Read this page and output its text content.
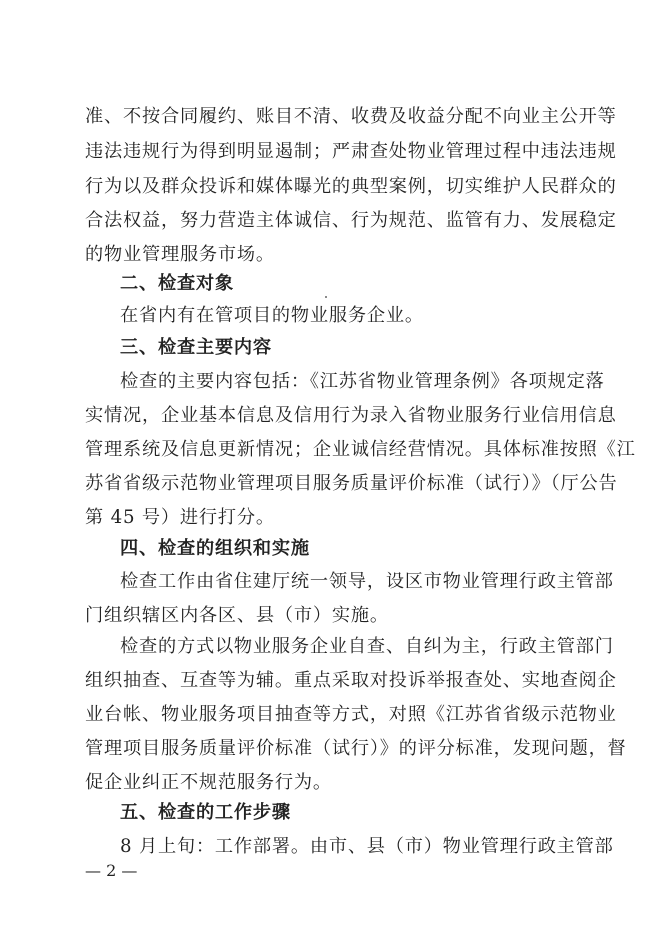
准、不按合同履约、账目不清、收费及收益分配不向业主公开等
违法违规行为得到明显遏制；严肃查处物业管理过程中违法违规
行为以及群众投诉和媒体曝光的典型案例，切实维护人民群众的
合法权益，努力营造主体诚信、行为规范、监管有力、发展稳定
的物业管理服务市场。
二、检查对象
在省内有在管项目的物业服务企业。
三、检查主要内容
检查的主要内容包括：《江苏省物业管理条例》各项规定落
实情况，企业基本信息及信用行为录入省物业服务行业信用信息
管理系统及信息更新情况；企业诚信经营情况。具体标准按照《江
苏省省级示范物业管理项目服务质量评价标准（试行）》（厅公告
第 45 号）进行打分。
四、检查的组织和实施
检查工作由省住建厅统一领导，设区市物业管理行政主管部
门组织辖区内各区、县（市）实施。
检查的方式以物业服务企业自查、自纠为主，行政主管部门
组织抽查、互查等为辅。重点采取对投诉举报查处、实地查阅企
业台帐、物业服务项目抽查等方式，对照《江苏省省级示范物业
管理项目服务质量评价标准（试行）》的评分标准，发现问题，督
促企业纠正不规范服务行为。
五、检查的工作步骤
8 月上旬：工作部署。由市、县（市）物业管理行政主管部
— 2 —
